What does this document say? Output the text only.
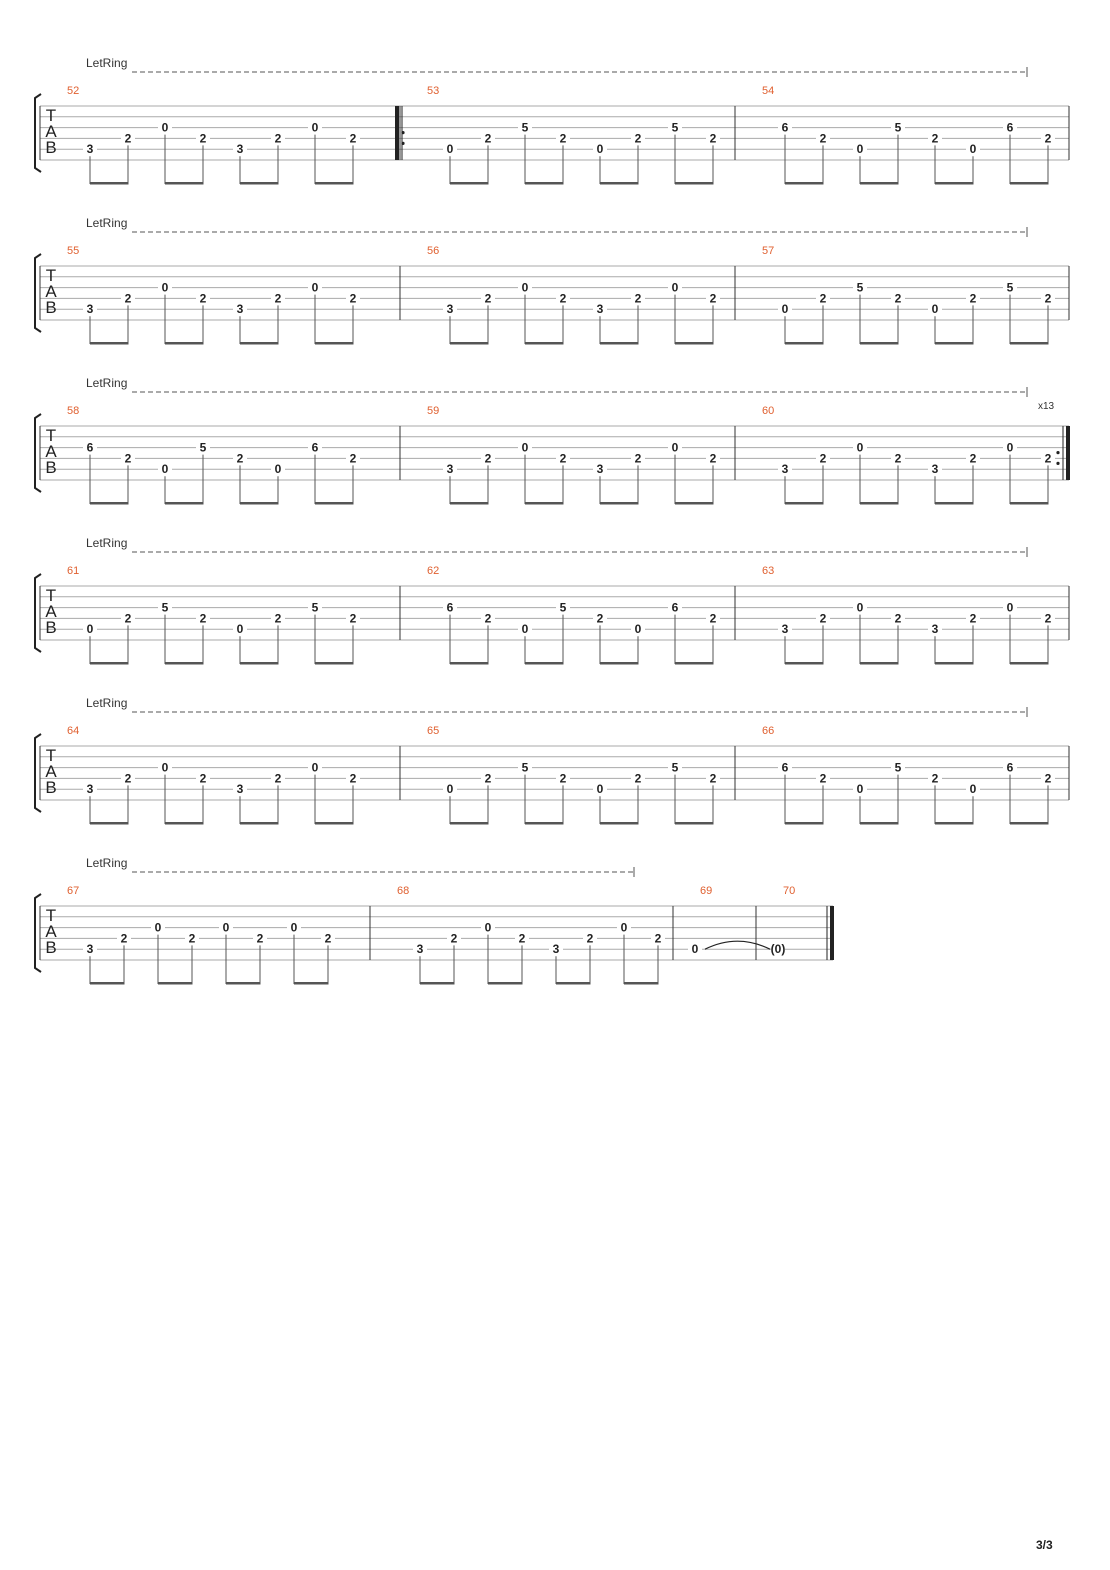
LetRing
T
A
B
52
3
2
0
2
3
2
0
2
53
0
2
5
2
0
2
5
2
54
6
2
0
5
2
0
6
2
LetRing
T
A
B
55
3
2
0
2
3
2
0
2
56
3
2
0
2
3
2
0
2
57
0
2
5
2
0
2
5
2
LetRing
T
A
B
58
6
2
0
5
2
0
6
2
59
3
2
0
2
3
2
0
2
60
3
2
0
2
3
2
0
2
x13
LetRing
T
A
B
61
0
2
5
2
0
2
5
2
62
6
2
0
5
2
0
6
2
63
3
2
0
2
3
2
0
2
LetRing
T
A
B
64
3
2
0
2
3
2
0
2
65
0
2
5
2
0
2
5
2
66
6
2
0
5
2
0
6
2
LetRing
T
A
B
67
3
2
0
2
0
2
0
2
68
3
2
0
2
3
2
0
2
69
0
70
(0)
3/3
